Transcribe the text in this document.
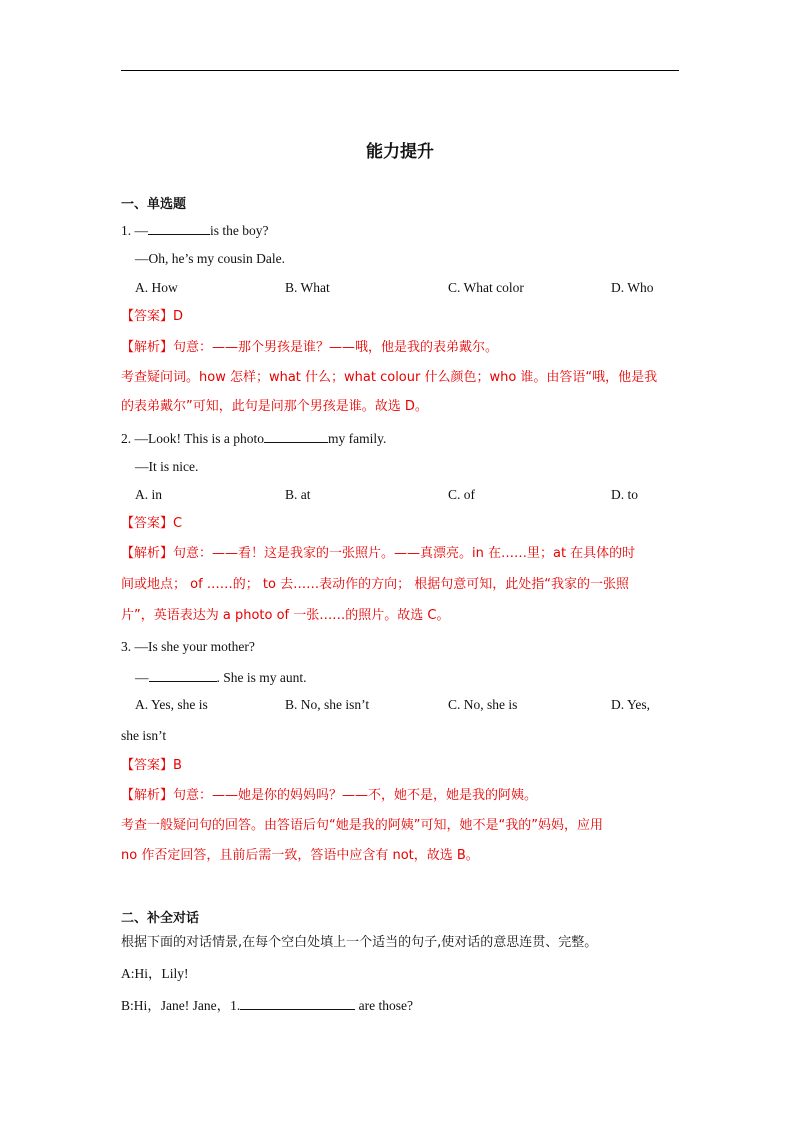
能力提升
一、单选题
1. —	is the boy?
—Oh, he’s my cousin Dale.
A. How	B. What	C. What color	D. Who
【答案】D
【解析】句意：——那个男孩是谁？——哦，他是我的表弟戴尔。
考查疑问词。how 怎样；what 什么；what colour 什么颜色；who 谁。由答语“哦，他是我
的表弟戴尔”可知，此句是问那个男孩是谁。故选 D。
2. —Look! This is a photo	my family.
—It is nice.
A. in	B. at	C. of	D. to
【答案】C
【解析】句意：——看！这是我家的一张照片。——真漂亮。in 在……里；at 在具体的时
间或地点； of ……的； to 去……表动作的方向； 根据句意可知，此处指“我家的一张照
片”，英语表达为 a photo of 一张……的照片。故选 C。
3. —Is she your mother?
—	. She is my aunt.
A. Yes, she is	B. No, she isn’t	C. No, she is	D. Yes,
she isn’t
【答案】B
【解析】句意：——她是你的妈妈吗？——不，她不是，她是我的阿姨。
考查一般疑问句的回答。由答语后句“她是我的阿姨”可知，她不是“我的”妈妈，应用
no 作否定回答，且前后需一致，答语中应含有 not，故选 B。
二、补全对话
根据下面的对话情景,在每个空白处填上一个适当的句子,使对话的意思连贯、完整。
A:Hi，Lily!
B:Hi，Jane! Jane，1.	are those?
